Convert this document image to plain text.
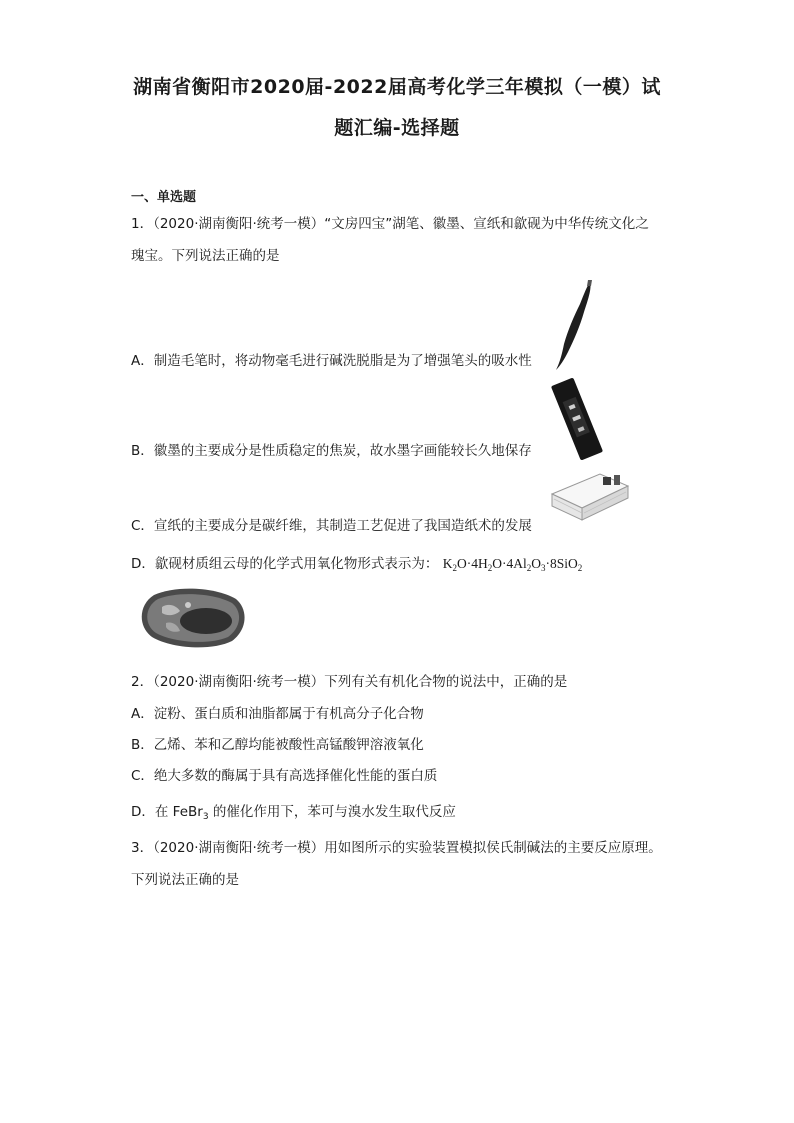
湖南省衡阳市2020届-2022届高考化学三年模拟（一模）试
题汇编-选择题
一、单选题
1．（2020·湖南衡阳·统考一模）“文房四宝”湖笔、徽墨、宣纸和歙砚为中华传统文化之
瑰宝。下列说法正确的是
A．制造毛笔时，将动物毫毛进行碱洗脱脂是为了增强笔头的吸水性
B．徽墨的主要成分是性质稳定的焦炭，故水墨字画能较长久地保存
C．宣纸的主要成分是碳纤维，其制造工艺促进了我国造纸术的发展
D．歙砚材质组云母的化学式用氧化物形式表示为： $K_2O\cdot 4H_2O\cdot 4Al_2O_3\cdot 8SiO_2$
2．（2020·湖南衡阳·统考一模）下列有关有机化合物的说法中，正确的是
A．淀粉、蛋白质和油脂都属于有机高分子化合物
B．乙烯、苯和乙醇均能被酸性高锰酸钾溶液氧化
C．绝大多数的酶属于具有高选择催化性能的蛋白质
D．在 FeBr$_3$ 的催化作用下，苯可与溴水发生取代反应
3．（2020·湖南衡阳·统考一模）用如图所示的实验装置模拟侯氏制碱法的主要反应原理。
下列说法正确的是
